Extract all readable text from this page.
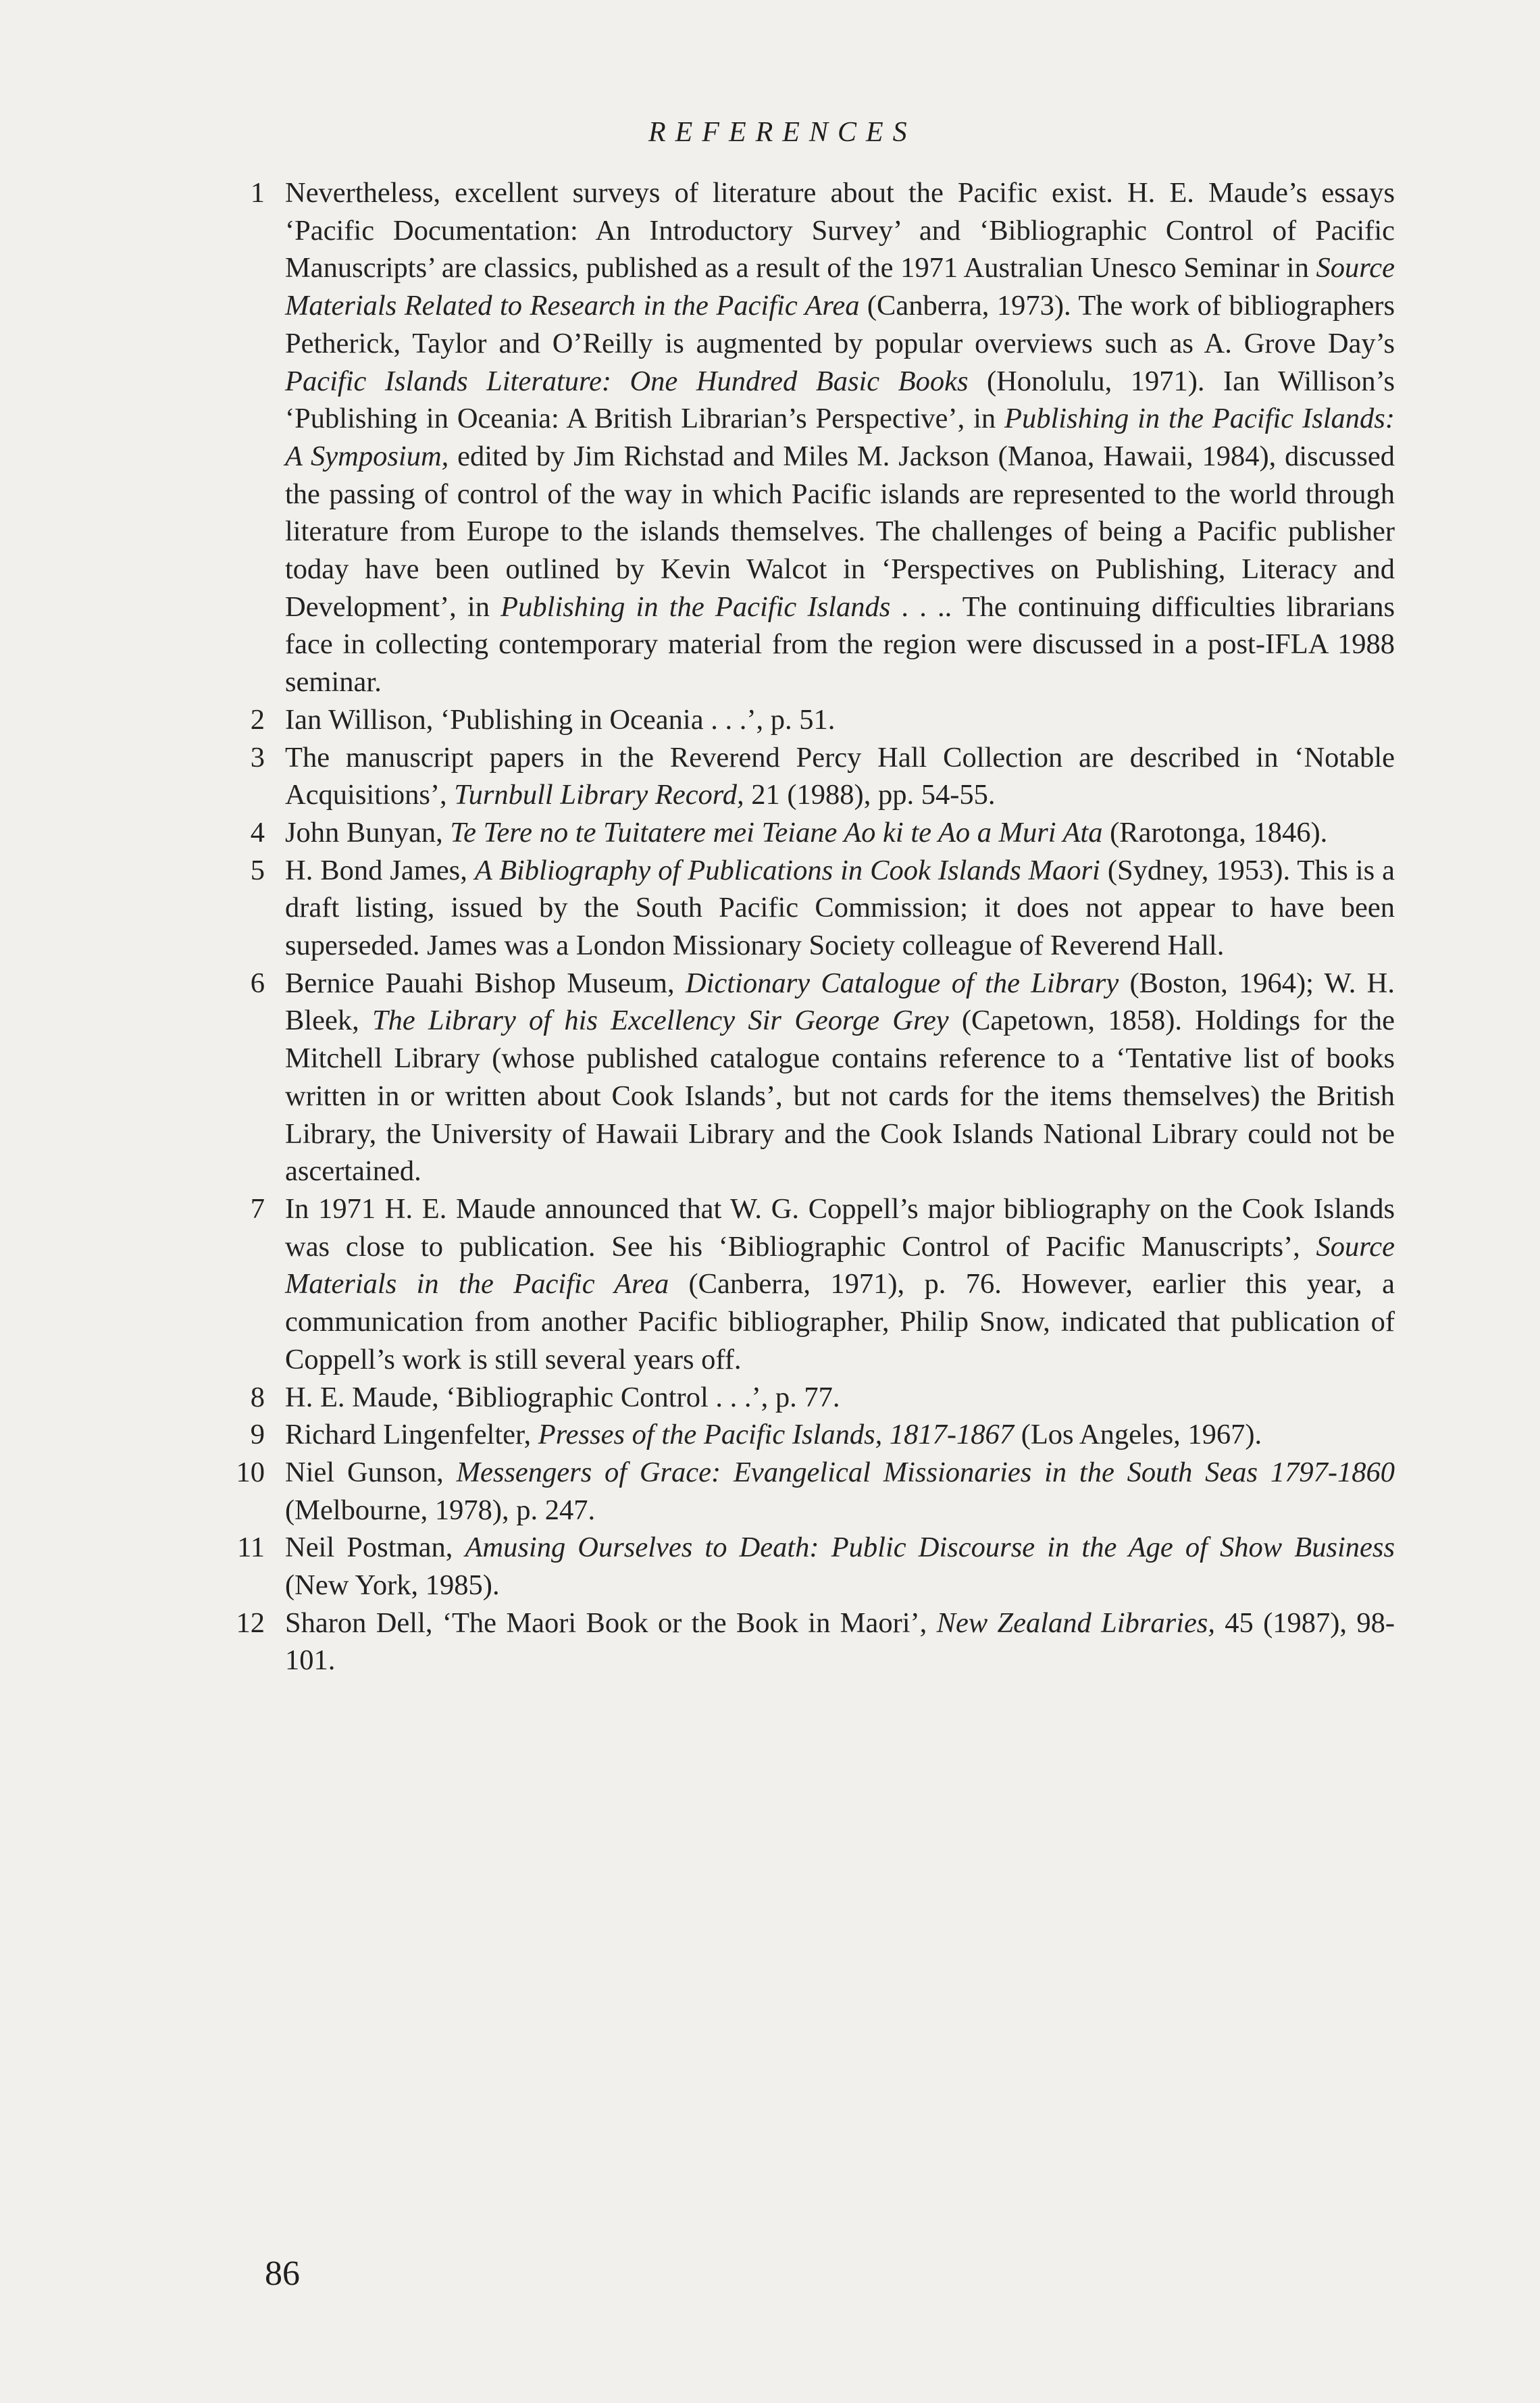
REFERENCES
1 Nevertheless, excellent surveys of literature about the Pacific exist. H. E. Maude’s essays ‘Pacific Documentation: An Introductory Survey’ and ‘Bibliographic Control of Pacific Manuscripts’ are classics, published as a result of the 1971 Australian Unesco Seminar in Source Materials Related to Research in the Pacific Area (Canberra, 1973). The work of bibliographers Petherick, Taylor and O’Reilly is augmented by popular overviews such as A. Grove Day’s Pacific Islands Literature: One Hundred Basic Books (Honolulu, 1971). Ian Willison’s ‘Publishing in Oceania: A British Librarian’s Perspective’, in Publishing in the Pacific Islands: A Symposium, edited by Jim Richstad and Miles M. Jackson (Manoa, Hawaii, 1984), discussed the passing of control of the way in which Pacific islands are represented to the world through literature from Europe to the islands themselves. The challenges of being a Pacific publisher today have been outlined by Kevin Walcot in ‘Perspectives on Publishing, Literacy and Development’, in Publishing in the Pacific Islands . . .. The continuing difficulties librarians face in collecting contemporary material from the region were discussed in a post-IFLA 1988 seminar.
2 Ian Willison, ‘Publishing in Oceania . . .’, p. 51.
3 The manuscript papers in the Reverend Percy Hall Collection are described in ‘Notable Acquisitions’, Turnbull Library Record, 21 (1988), pp. 54-55.
4 John Bunyan, Te Tere no te Tuitatere mei Teiane Ao ki te Ao a Muri Ata (Rarotonga, 1846).
5 H. Bond James, A Bibliography of Publications in Cook Islands Maori (Sydney, 1953). This is a draft listing, issued by the South Pacific Commission; it does not appear to have been superseded. James was a London Missionary Society colleague of Reverend Hall.
6 Bernice Pauahi Bishop Museum, Dictionary Catalogue of the Library (Boston, 1964); W. H. Bleek, The Library of his Excellency Sir George Grey (Capetown, 1858). Holdings for the Mitchell Library (whose published catalogue contains reference to a ‘Tentative list of books written in or written about Cook Islands’, but not cards for the items themselves) the British Library, the University of Hawaii Library and the Cook Islands National Library could not be ascertained.
7 In 1971 H. E. Maude announced that W. G. Coppell’s major bibliography on the Cook Islands was close to publication. See his ‘Bibliographic Control of Pacific Manuscripts’, Source Materials in the Pacific Area (Canberra, 1971), p. 76. However, earlier this year, a communication from another Pacific bibliographer, Philip Snow, indicated that publication of Coppell’s work is still several years off.
8 H. E. Maude, ‘Bibliographic Control . . .’, p. 77.
9 Richard Lingenfelter, Presses of the Pacific Islands, 1817-1867 (Los Angeles, 1967).
10 Niel Gunson, Messengers of Grace: Evangelical Missionaries in the South Seas 1797-1860 (Melbourne, 1978), p. 247.
11 Neil Postman, Amusing Ourselves to Death: Public Discourse in the Age of Show Business (New York, 1985).
12 Sharon Dell, ‘The Maori Book or the Book in Maori’, New Zealand Libraries, 45 (1987), 98-101.
86
